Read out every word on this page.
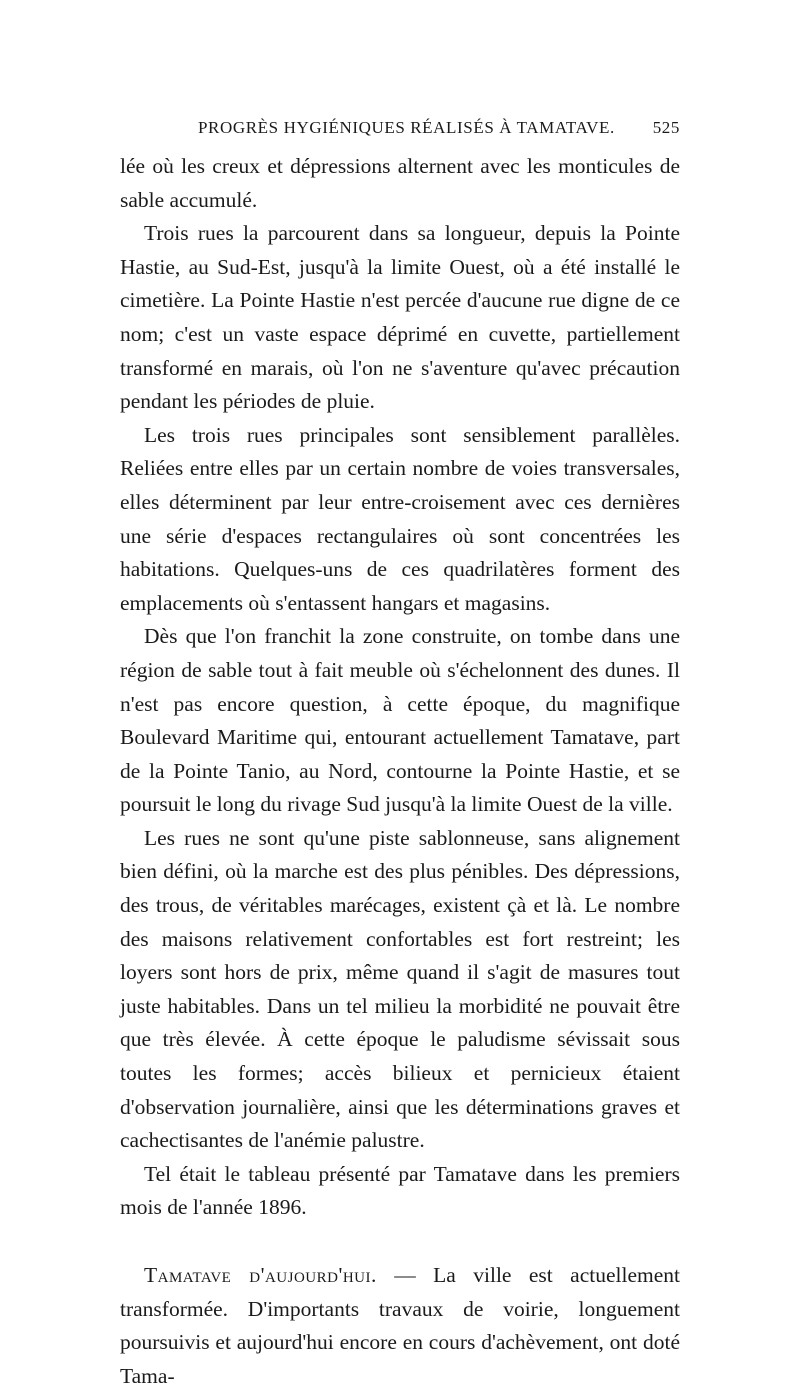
PROGRÈS HYGIÉNIQUES RÉALISÉS À TAMATAVE. 525

lée où les creux et dépressions alternent avec les monticules de sable accumulé.

Trois rues la parcourent dans sa longueur, depuis la Pointe Hastie, au Sud-Est, jusqu'à la limite Ouest, où a été installé le cimetière. La Pointe Hastie n'est percée d'aucune rue digne de ce nom; c'est un vaste espace déprimé en cuvette, partiellement transformé en marais, où l'on ne s'aventure qu'avec précaution pendant les périodes de pluie.

Les trois rues principales sont sensiblement parallèles. Reliées entre elles par un certain nombre de voies transversales, elles déterminent par leur entre-croisement avec ces dernières une série d'espaces rectangulaires où sont concentrées les habitations. Quelques-uns de ces quadrilatères forment des emplacements où s'entassent hangars et magasins.

Dès que l'on franchit la zone construite, on tombe dans une région de sable tout à fait meuble où s'échelonnent des dunes. Il n'est pas encore question, à cette époque, du magnifique Boulevard Maritime qui, entourant actuellement Tamatave, part de la Pointe Tanio, au Nord, contourne la Pointe Hastie, et se poursuit le long du rivage Sud jusqu'à la limite Ouest de la ville.

Les rues ne sont qu'une piste sablonneuse, sans alignement bien défini, où la marche est des plus pénibles. Des dépressions, des trous, de véritables marécages, existent çà et là. Le nombre des maisons relativement confortables est fort restreint; les loyers sont hors de prix, même quand il s'agit de masures tout juste habitables. Dans un tel milieu la morbidité ne pouvait être que très élevée. À cette époque le paludisme sévissait sous toutes les formes; accès bilieux et pernicieux étaient d'observation journalière, ainsi que les déterminations graves et cachectisantes de l'anémie palustre.

Tel était le tableau présenté par Tamatave dans les premiers mois de l'année 1896.

Tamatave d'aujourd'hui. — La ville est actuellement transformée. D'importants travaux de voirie, longuement poursuivis et aujourd'hui encore en cours d'achèvement, ont doté Tama-
